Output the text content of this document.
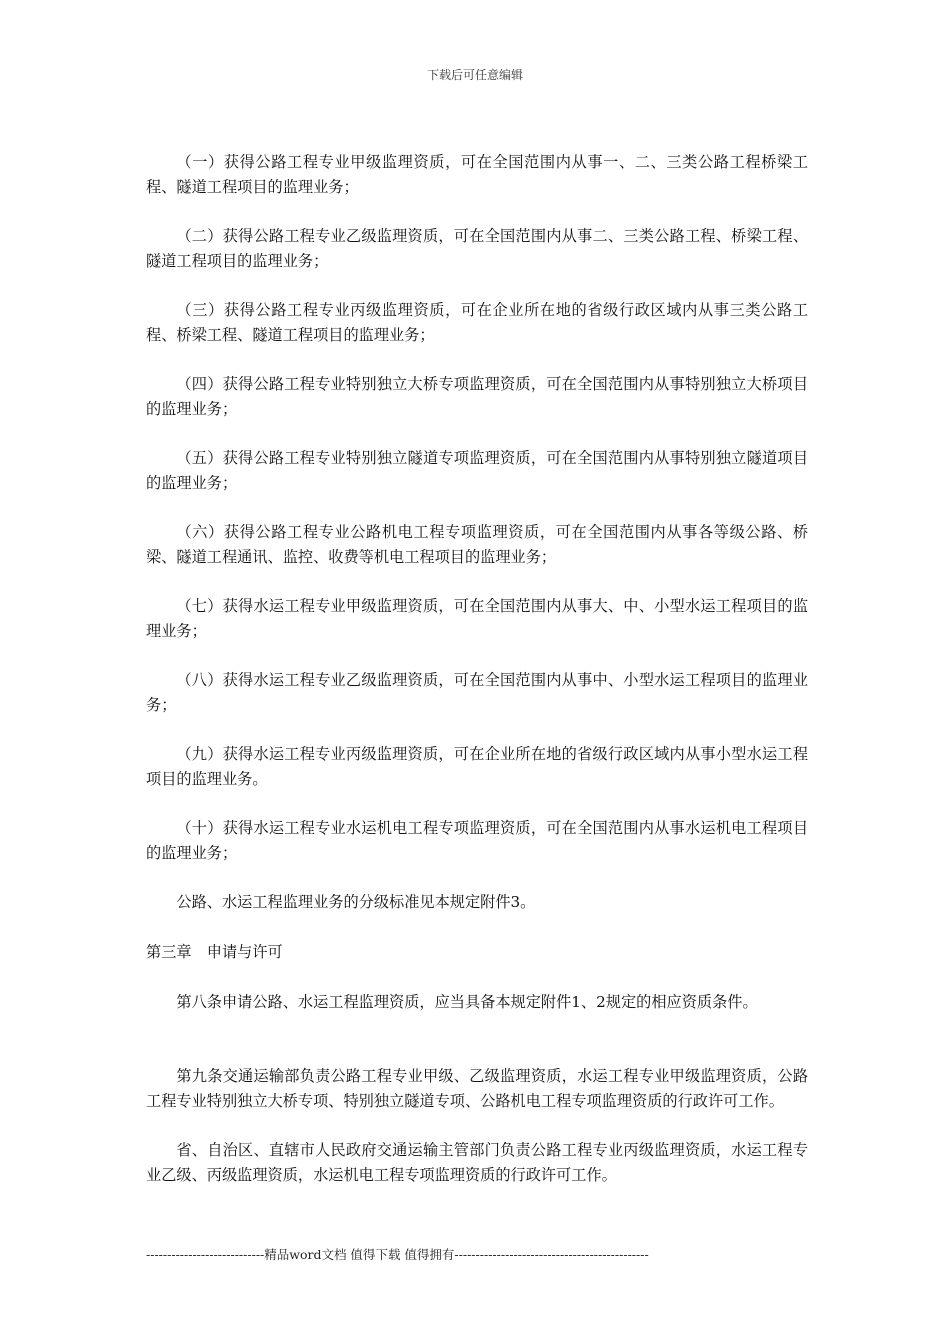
下载后可任意编辑

（一）获得公路工程专业甲级监理资质，可在全国范围内从事一、二、三类公路工程桥梁工程、隧道工程项目的监理业务；

（二）获得公路工程专业乙级监理资质，可在全国范围内从事二、三类公路工程、桥梁工程、隧道工程项目的监理业务；

（三）获得公路工程专业丙级监理资质，可在企业所在地的省级行政区域内从事三类公路工程、桥梁工程、隧道工程项目的监理业务；

（四）获得公路工程专业特别独立大桥专项监理资质，可在全国范围内从事特别独立大桥项目的监理业务；

（五）获得公路工程专业特别独立隧道专项监理资质，可在全国范围内从事特别独立隧道项目的监理业务；

（六）获得公路工程专业公路机电工程专项监理资质，可在全国范围内从事各等级公路、桥梁、隧道工程通讯、监控、收费等机电工程项目的监理业务；

（七）获得水运工程专业甲级监理资质，可在全国范围内从事大、中、小型水运工程项目的监理业务；

（八）获得水运工程专业乙级监理资质，可在全国范围内从事中、小型水运工程项目的监理业务；

（九）获得水运工程专业丙级监理资质，可在企业所在地的省级行政区域内从事小型水运工程项目的监理业务。

（十）获得水运工程专业水运机电工程专项监理资质，可在全国范围内从事水运机电工程项目的监理业务；

公路、水运工程监理业务的分级标准见本规定附件3。

第三章　申请与许可

第八条申请公路、水运工程监理资质，应当具备本规定附件1、2规定的相应资质条件。

第九条交通运输部负责公路工程专业甲级、乙级监理资质，水运工程专业甲级监理资质，公路工程专业特别独立大桥专项、特别独立隧道专项、公路机电工程专项监理资质的行政许可工作。

省、自治区、直辖市人民政府交通运输主管部门负责公路工程专业丙级监理资质，水运工程专业乙级、丙级监理资质，水运机电工程专项监理资质的行政许可工作。

----------------------------精品word文档 值得下载 值得拥有----------------------------------------------
